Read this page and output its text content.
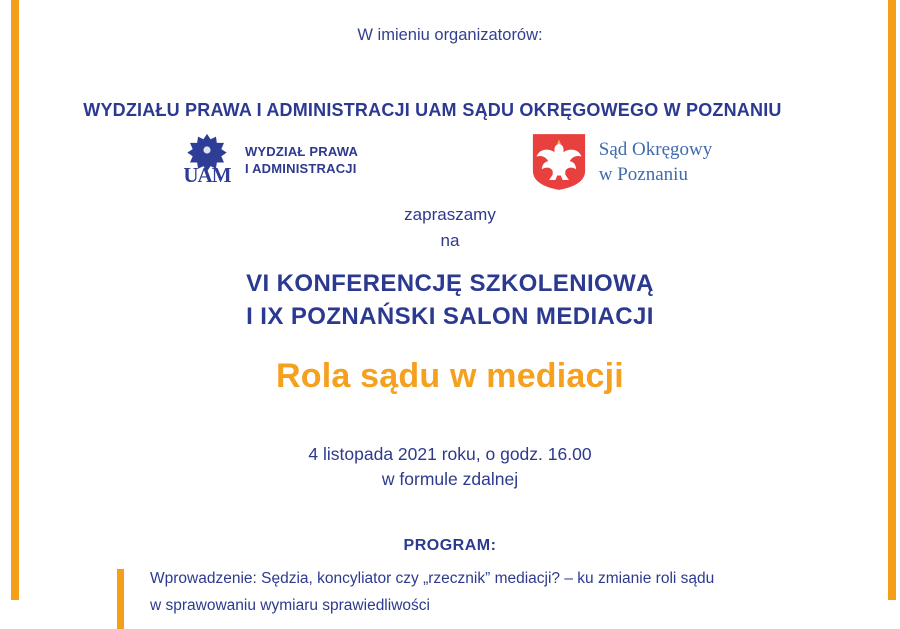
W imieniu organizatorów:
WYDZIAŁU PRAWA I ADMINISTRACJI UAM
UAM
WYDZIAŁ PRAWA
I ADMINISTRACJI
SĄDU OKRĘGOWEGO W POZNANIU
Sąd Okręgowy
w Poznaniu
zapraszamy
na
VI KONFERENCJĘ SZKOLENIOWĄ
I IX POZNAŃSKI SALON MEDIACJI
Rola sądu w mediacji
4 listopada 2021 roku, o godz. 16.00
w formule zdalnej
PROGRAM:
Wprowadzenie: Sędzia, koncyliator czy „rzecznik” mediacji? – ku zmianie roli sądu
w sprawowaniu wymiaru sprawiedliwości
